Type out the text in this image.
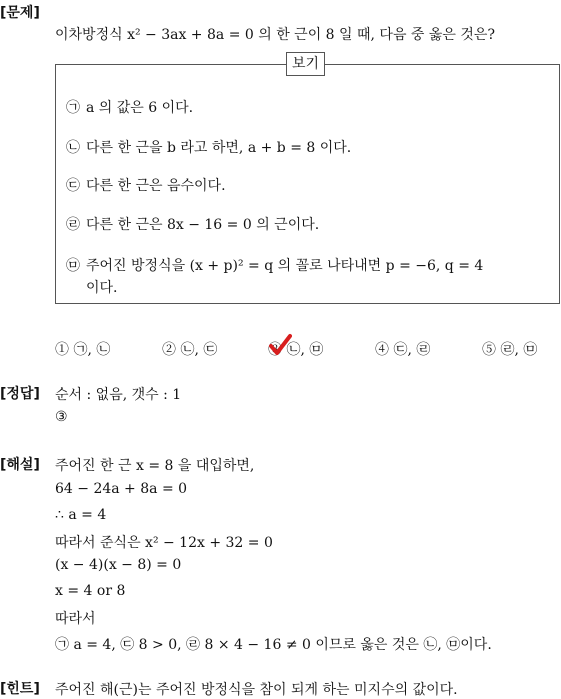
[문제]
이차방정식 x² − 3ax + 8a = 0 의 한 근이 8 일 때, 다음 중 옳은 것은?
보기
㉠ a 의 값은 6 이다.
㉡ 다른 한 근을 b 라고 하면, a + b = 8 이다.
㉢ 다른 한 근은 음수이다.
㉣ 다른 한 근은 8x − 16 = 0 의 근이다.
㉤ 주어진 방정식을 (x + p)² = q 의 꼴로 나타내면 p = −6, q = 4
이다.
① ㉠, ㉡	② ㉡, ㉢	③ ㉡, ㉤	④ ㉢, ㉣	⑤ ㉣, ㉤
[정답] 순서 : 없음, 갯수 : 1
③
[해설] 주어진 한 근 x = 8 을 대입하면,
64 − 24a + 8a = 0
∴ a = 4
따라서 준식은 x² − 12x + 32 = 0
(x − 4)(x − 8) = 0
x = 4 or 8
따라서
㉠ a = 4, ㉢ 8 > 0, ㉣ 8 × 4 − 16 ≠ 0 이므로 옳은 것은 ㉡, ㉤이다.
[힌트] 주어진 해(근)는 주어진 방정식을 참이 되게 하는 미지수의 값이다.
